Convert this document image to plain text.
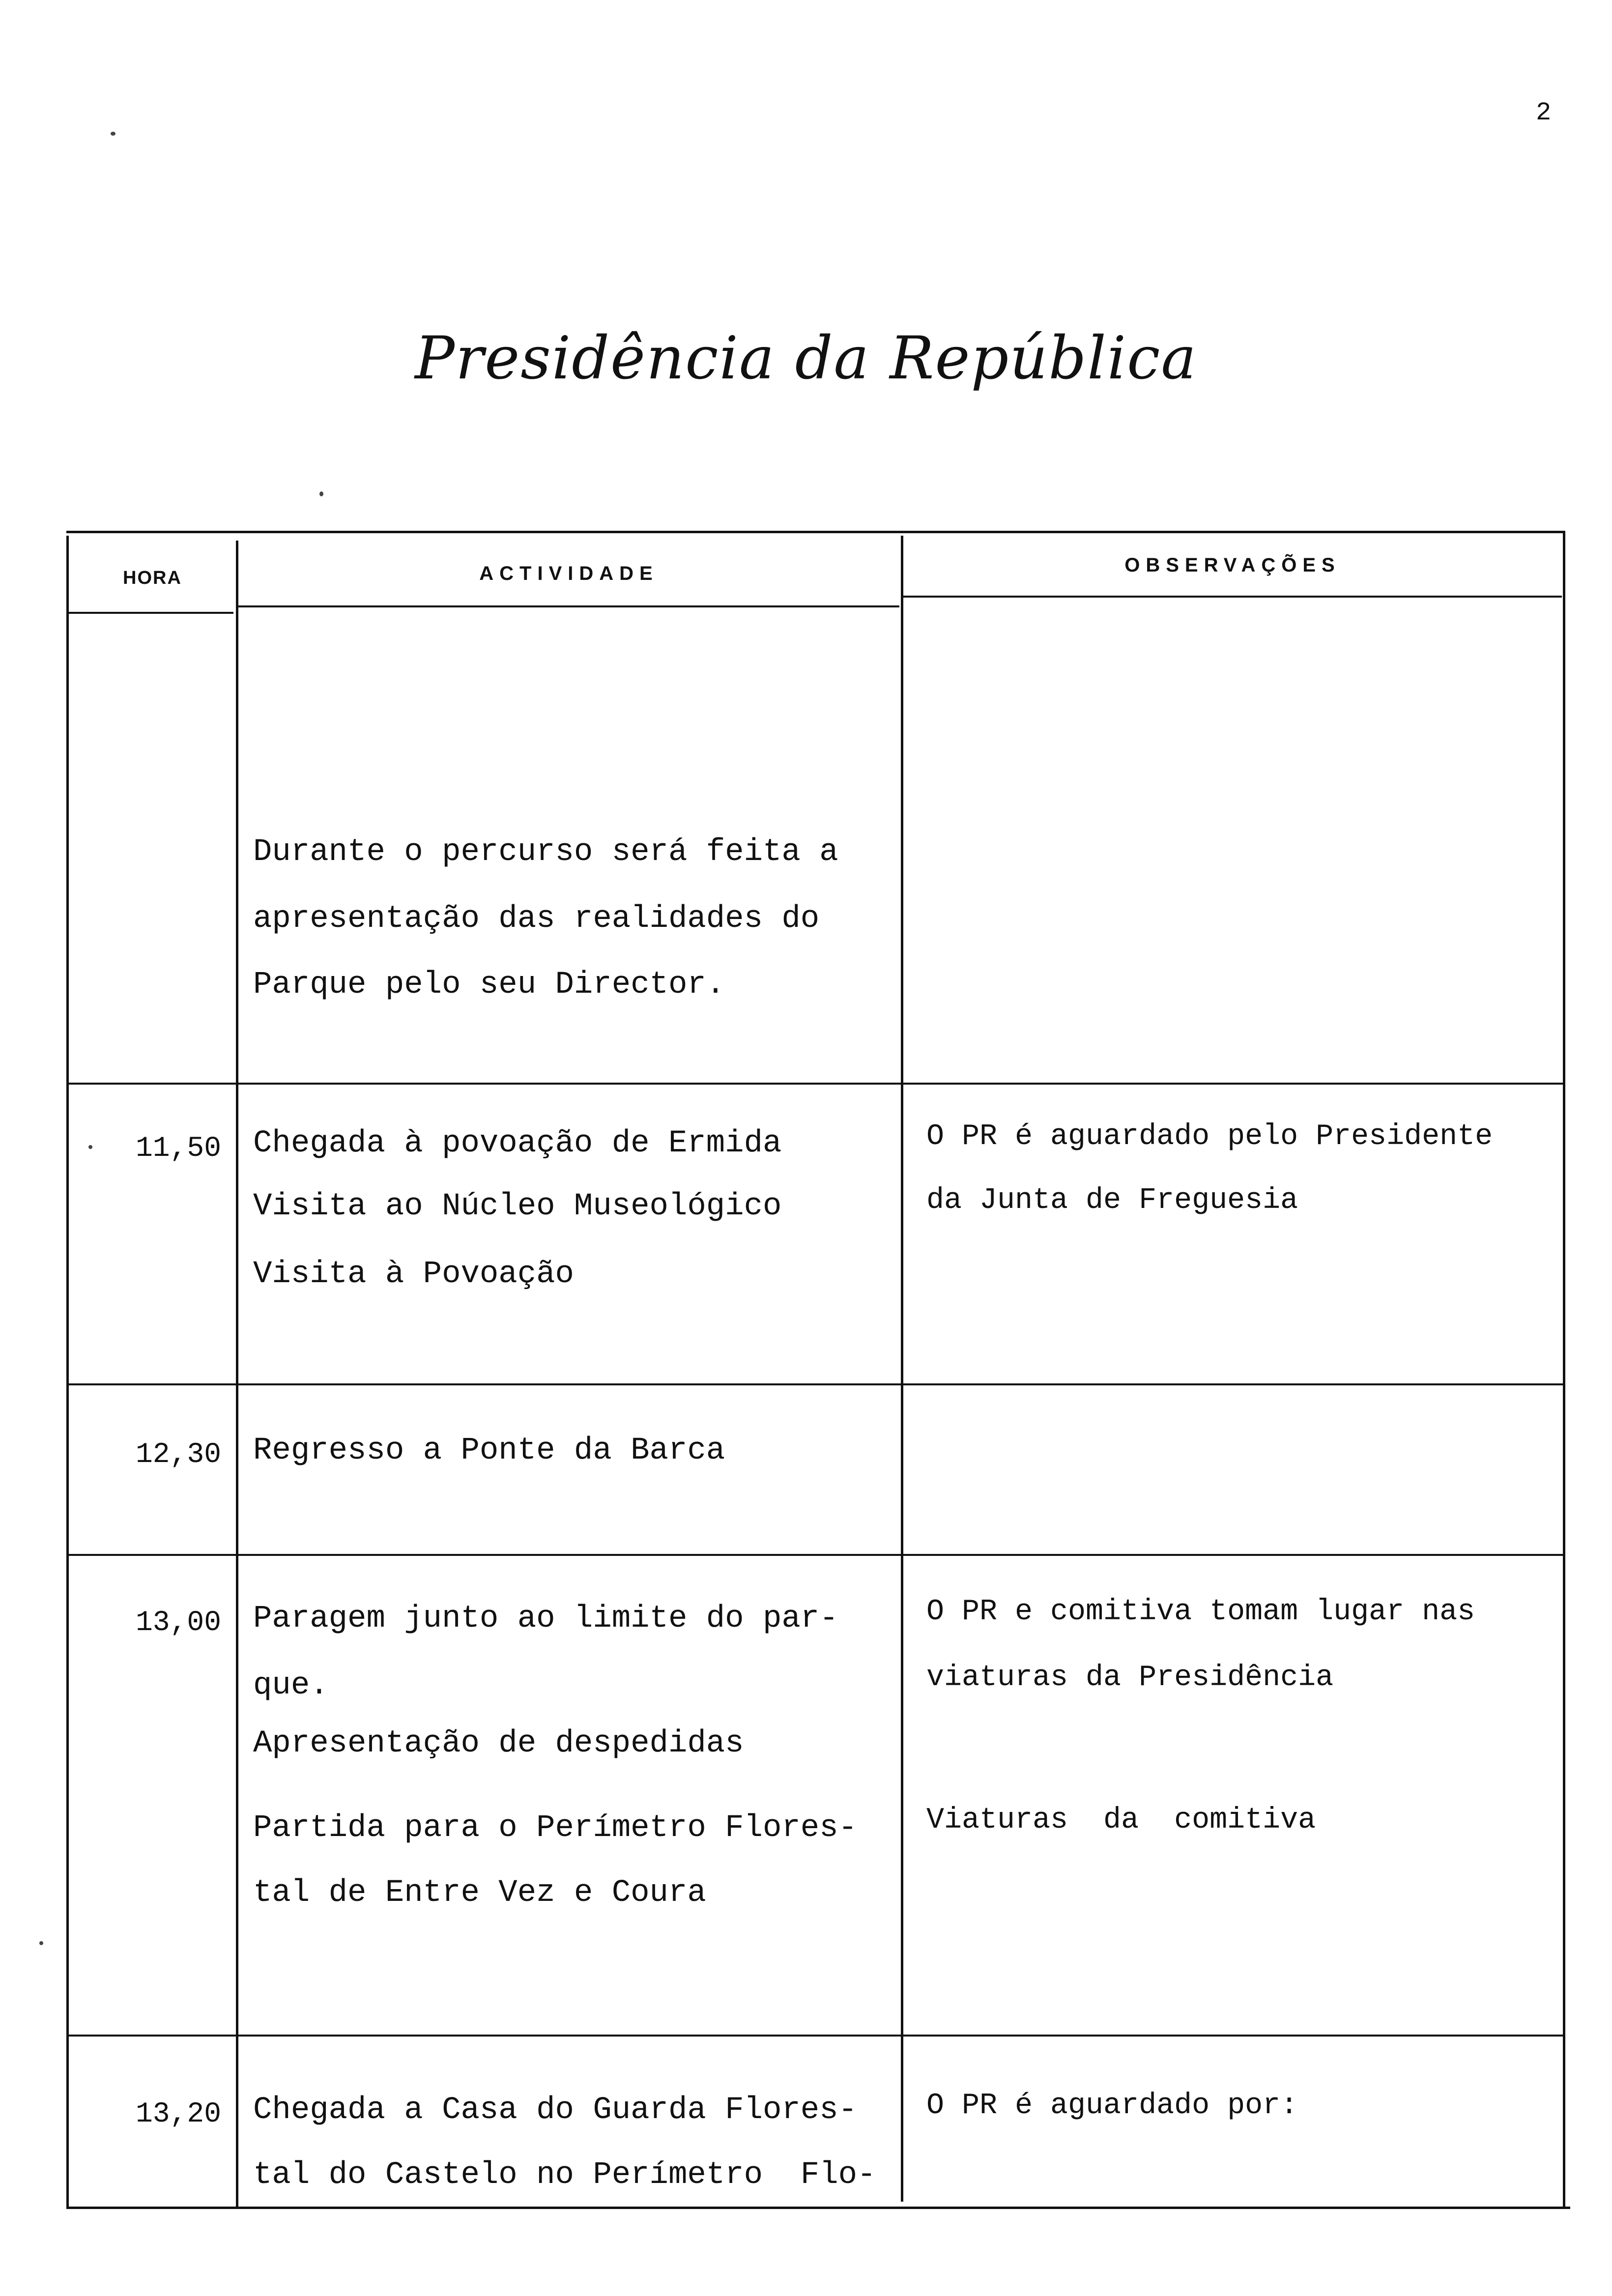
2
Presidência da República
HORA	ACTIVIDADE	OBSERVAÇÕES
Durante o percurso será feita a
apresentação das realidades do
Parque pelo seu Director.
11,50 Chegada à povoação de Ermida
Visita ao Núcleo Museológico
Visita à Povoação
O PR é aguardado pelo Presidente
da Junta de Freguesia
12,30 Regresso a Ponte da Barca
13,00 Paragem junto ao limite do par-
que.
Apresentação de despedidas
Partida para o Perímetro Flores-
tal de Entre Vez e Coura
O PR e comitiva tomam lugar nas
viaturas da Presidência
Viaturas  da  comitiva
13,20 Chegada a Casa do Guarda Flores-
tal do Castelo no Perímetro  Flo-
O PR é aguardado por:
